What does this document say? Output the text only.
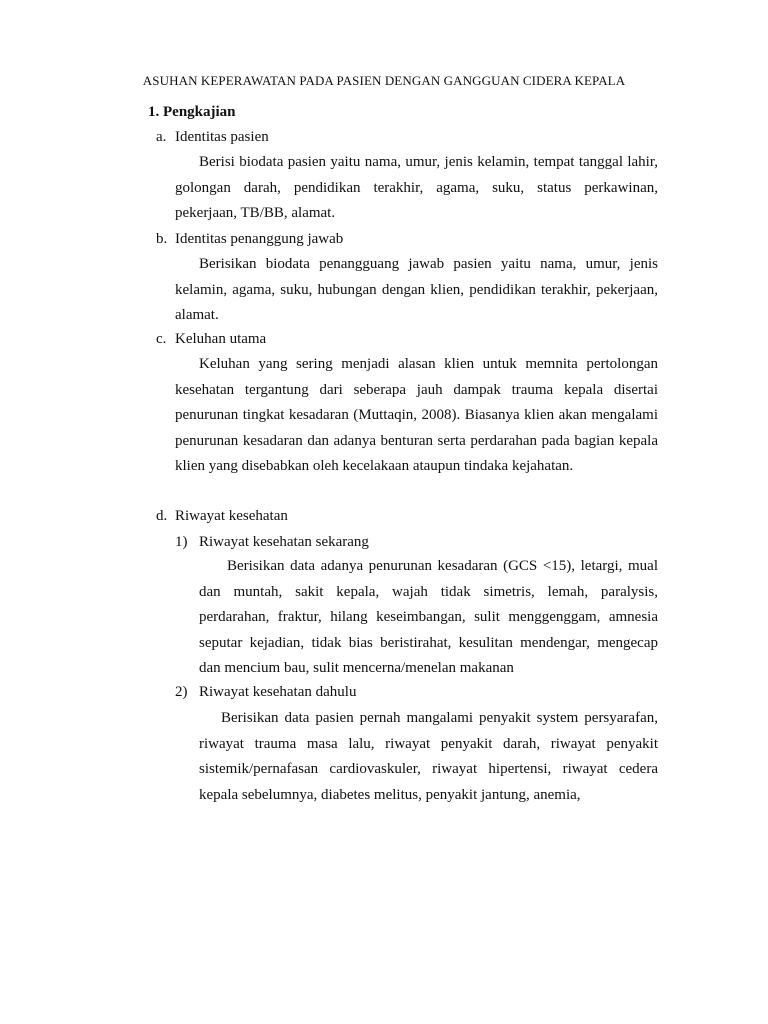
ASUHAN KEPERAWATAN PADA PASIEN DENGAN GANGGUAN CIDERA KEPALA
1. Pengkajian
a. Identitas pasien
Berisi biodata pasien yaitu nama, umur, jenis kelamin, tempat tanggal lahir, golongan darah, pendidikan terakhir, agama, suku, status perkawinan, pekerjaan, TB/BB, alamat.
b. Identitas penanggung jawab
Berisikan biodata penangguang jawab pasien yaitu nama, umur, jenis kelamin, agama, suku, hubungan dengan klien, pendidikan terakhir, pekerjaan, alamat.
c. Keluhan utama
Keluhan yang sering menjadi alasan klien untuk memnita pertolongan kesehatan tergantung dari seberapa jauh dampak trauma kepala disertai penurunan tingkat kesadaran (Muttaqin, 2008). Biasanya klien akan mengalami penurunan kesadaran dan adanya benturan serta perdarahan pada bagian kepala klien yang disebabkan oleh kecelakaan ataupun tindaka kejahatan.
d. Riwayat kesehatan
1) Riwayat kesehatan sekarang
Berisikan data adanya penurunan kesadaran (GCS <15), letargi, mual dan muntah, sakit kepala, wajah tidak simetris, lemah, paralysis, perdarahan, fraktur, hilang keseimbangan, sulit menggenggam, amnesia seputar kejadian, tidak bias beristirahat, kesulitan mendengar, mengecap dan mencium bau, sulit mencerna/menelan makanan
2) Riwayat kesehatan dahulu
Berisikan data pasien pernah mangalami penyakit system persyarafan, riwayat trauma masa lalu, riwayat penyakit darah, riwayat penyakit sistemik/pernafasan cardiovaskuler, riwayat hipertensi, riwayat cedera kepala sebelumnya, diabetes melitus, penyakit jantung, anemia,
